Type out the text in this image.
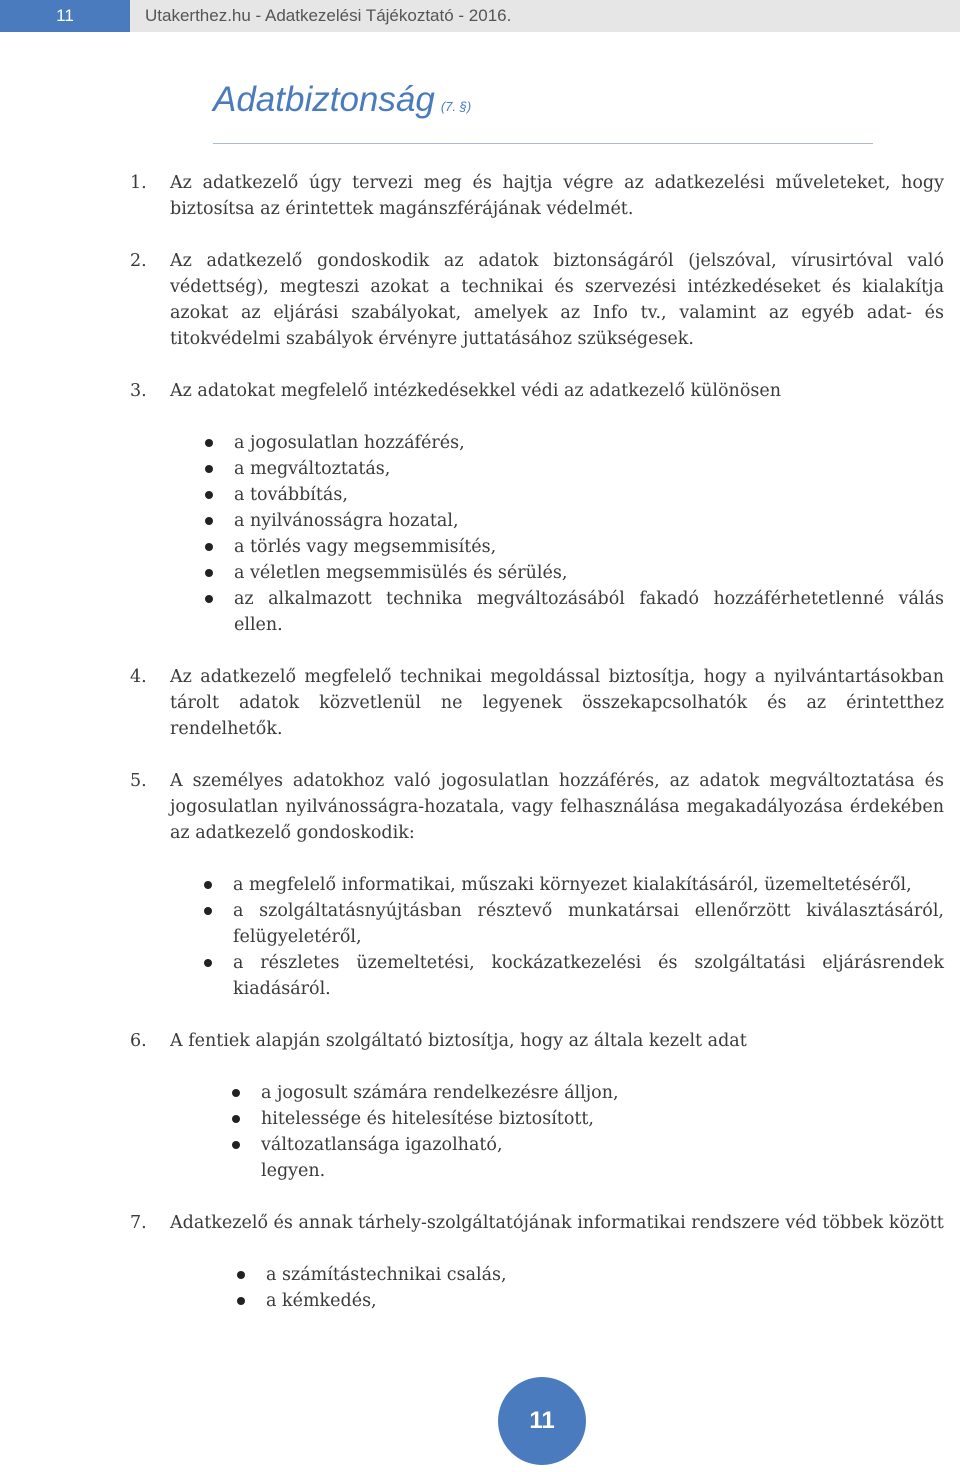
11	Utakerthez.hu - Adatkezelési Tájékoztató - 2016.
Adatbiztonság (7. §)
1. Az adatkezelő úgy tervezi meg és hajtja végre az adatkezelési műveleteket, hogy biztosítsa az érintettek magánszférájának védelmét.
2. Az adatkezelő gondoskodik az adatok biztonságáról (jelszóval, vírusirtóval való védettség), megteszi azokat a technikai és szervezési intézkedéseket és kialakítja azokat az eljárási szabályokat, amelyek az Info tv., valamint az egyéb adat- és titokvédelmi szabályok érvényre juttatásához szükségesek.
3. Az adatokat megfelelő intézkedésekkel védi az adatkezelő különösen
a jogosulatlan hozzáférés,
a megváltoztatás,
a továbbítás,
a nyilvánosságra hozatal,
a törlés vagy megsemmisítés,
a véletlen megsemmisülés és sérülés,
az alkalmazott technika megváltozásából fakadó hozzáférhetetlenné válás ellen.
4. Az adatkezelő megfelelő technikai megoldással biztosítja, hogy a nyilvántartásokban tárolt adatok közvetlenül ne legyenek összekapcsolhatók és az érintetthez rendelhetők.
5. A személyes adatokhoz való jogosulatlan hozzáférés, az adatok megváltoztatása és jogosulatlan nyilvánosságra-hozatala, vagy felhasználása megakadályozása érdekében az adatkezelő gondoskodik:
a megfelelő informatikai, műszaki környezet kialakításáról, üzemeltetéséről,
a szolgáltatásnyújtásban résztevő munkatársai ellenőrzött kiválasztásáról, felügyeletéről,
a részletes üzemeltetési, kockázatkezelési és szolgáltatási eljárásrendek kiadásáról.
6. A fentiek alapján szolgáltató biztosítja, hogy az általa kezelt adat
a jogosult számára rendelkezésre álljon,
hitelessége és hitelesítése biztosított,
változatlansága igazolható,
legyen.
7. Adatkezelő és annak tárhely-szolgáltatójának informatikai rendszere véd többek között
a számítástechnikai csalás,
a kémkedés,
11
